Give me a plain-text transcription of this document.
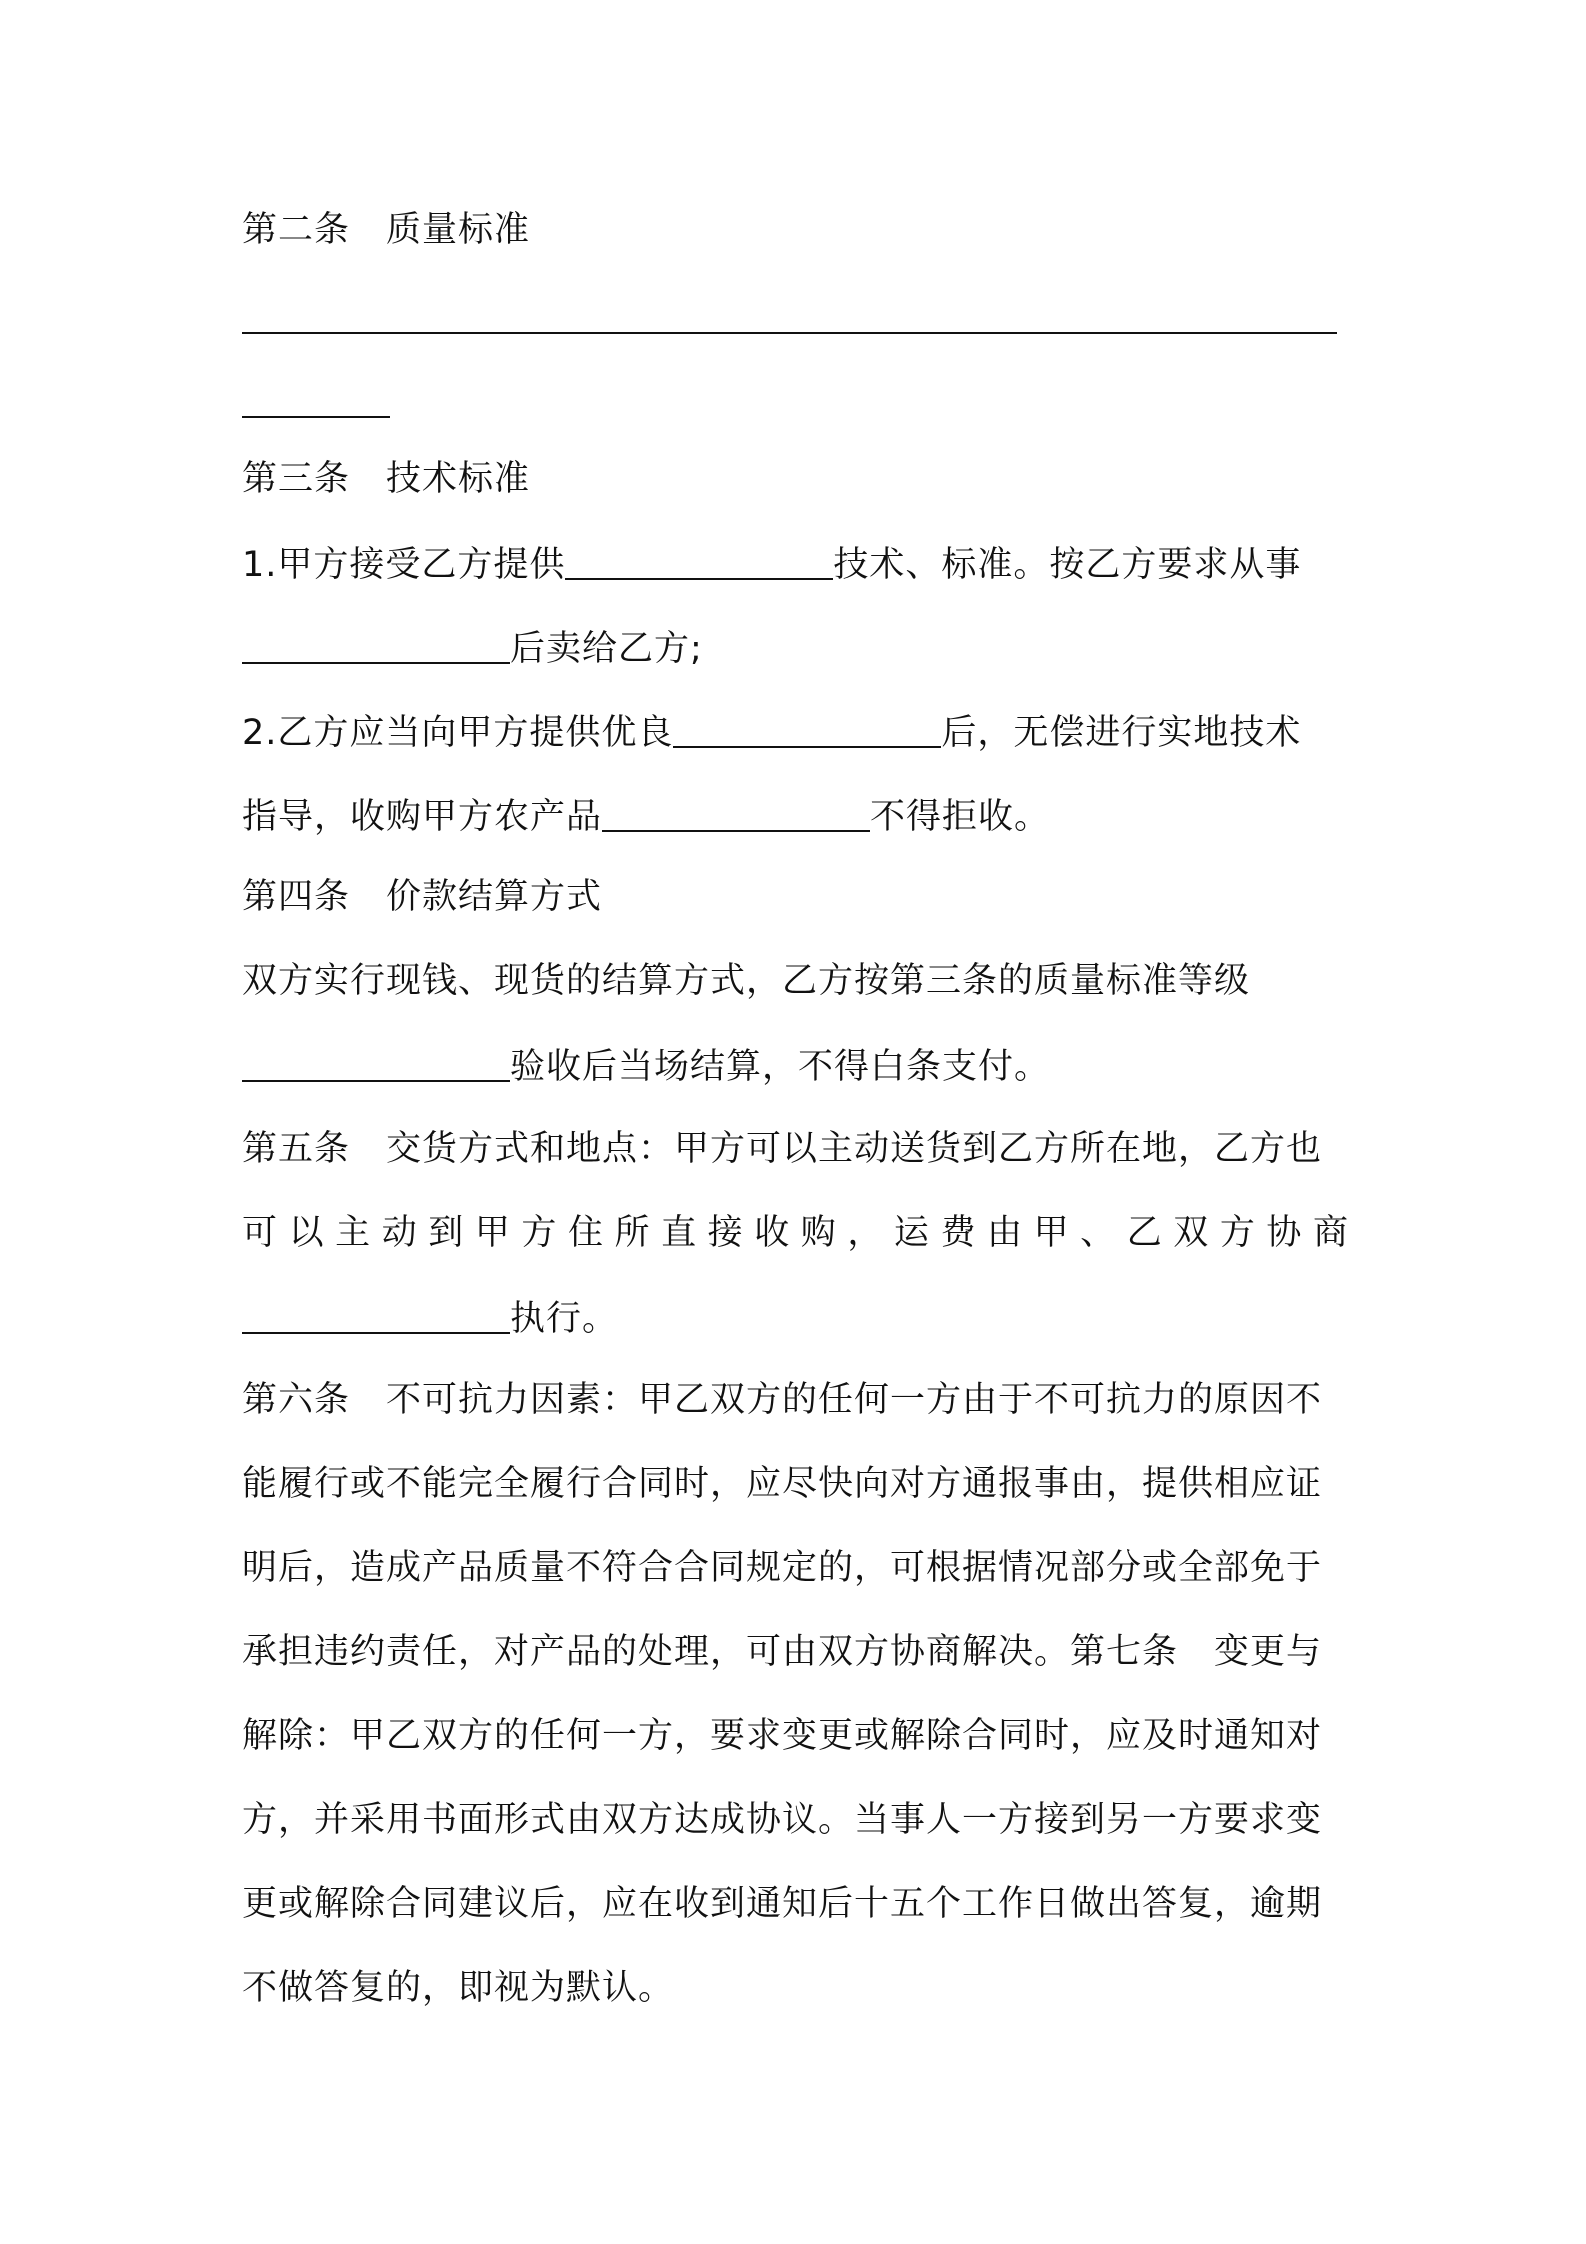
第二条 质量标准
第三条 技术标准
1.甲方接受乙方提供	技术、标准。按乙方要求从事
后卖给乙方;
2.乙方应当向甲方提供优良	后，无偿进行实地技术
指导，收购甲方农产品	不得拒收。
第四条 价款结算方式
双方实行现钱、现货的结算方式，乙方按第三条的质量标准等级
验收后当场结算，不得白条支付。
第五条 交货方式和地点：甲方可以主动送货到乙方所在地，乙方也
可以主动到甲方住所直接收购，运费由甲、乙双方协商
执行。
第六条 不可抗力因素：甲乙双方的任何一方由于不可抗力的原因不
能履行或不能完全履行合同时，应尽快向对方通报事由，提供相应证
明后，造成产品质量不符合合同规定的，可根据情况部分或全部免于
承担违约责任，对产品的处理，可由双方协商解决。第七条 变更与
解除：甲乙双方的任何一方，要求变更或解除合同时，应及时通知对
方，并采用书面形式由双方达成协议。当事人一方接到另一方要求变
更或解除合同建议后，应在收到通知后十五个工作日做出答复，逾期
不做答复的，即视为默认。
